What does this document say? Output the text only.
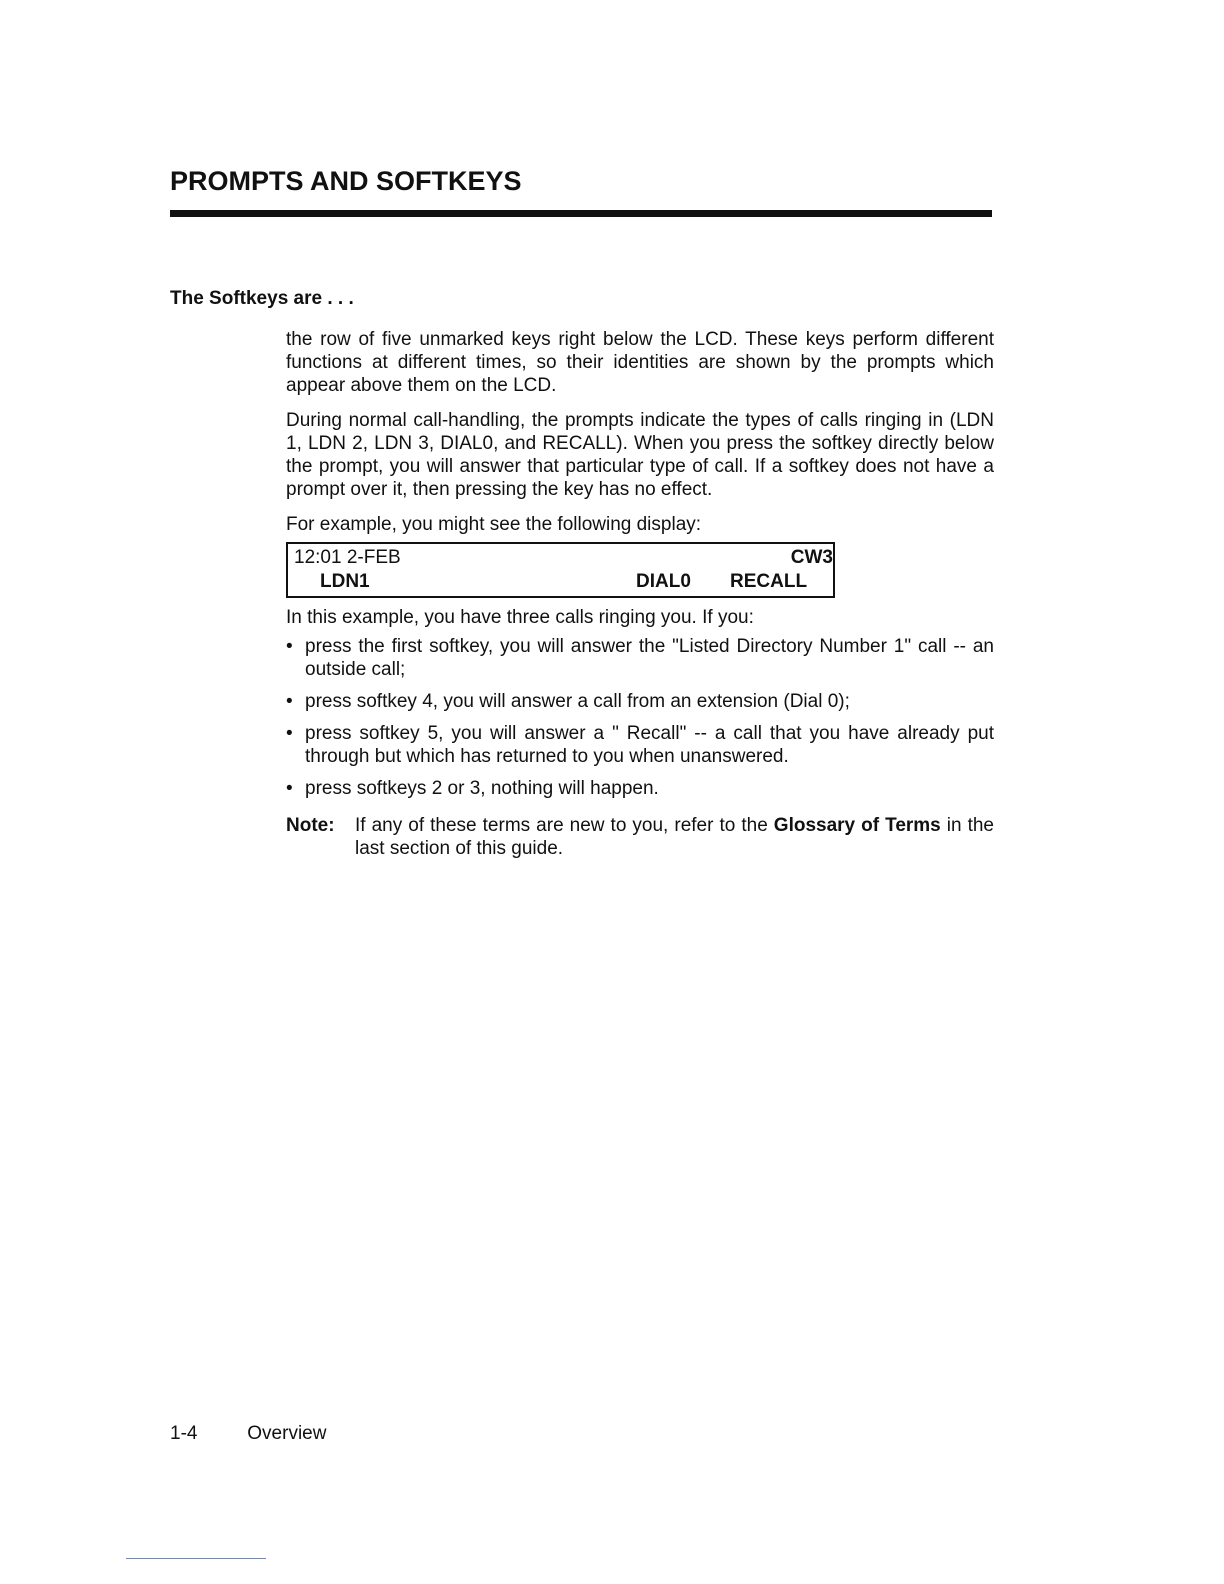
PROMPTS AND SOFTKEYS
The Softkeys are . . .

the row of five unmarked keys right below the LCD. These keys perform different functions at different times, so their identities are shown by the prompts which appear above them on the LCD.

During normal call-handling, the prompts indicate the types of calls ringing in (LDN 1, LDN 2, LDN 3, DIAL0, and RECALL). When you press the softkey directly below the prompt, you will answer that particular type of call. If a softkey does not have a prompt over it, then pressing the key has no effect.

For example, you might see the following display:

12:01 2-FEB	CW3
LDN1	DIAL0 RECALL

In this example, you have three calls ringing you. If you:

• press the first softkey, you will answer the "Listed Directory Number 1" call -- an outside call;
• press softkey 4, you will answer a call from an extension (Dial 0);
• press softkey 5, you will answer a " Recall" -- a call that you have already put through but which has returned to you when unanswered.
• press softkeys 2 or 3, nothing will happen.
Note:	If any of these terms are new to you, refer to the Glossary of Terms in the last section of this guide.
1-4	Overview
